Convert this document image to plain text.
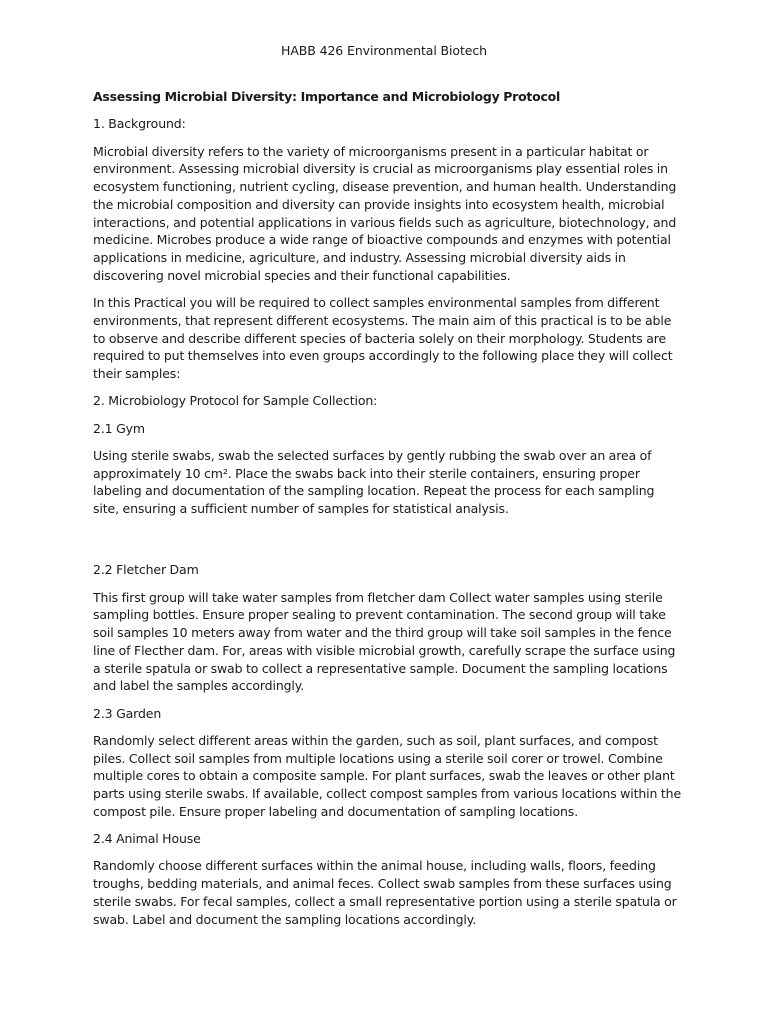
HABB 426 Environmental Biotech

Assessing Microbial Diversity: Importance and Microbiology Protocol

1. Background:

Microbial diversity refers to the variety of microorganisms present in a particular habitat or environment. Assessing microbial diversity is crucial as microorganisms play essential roles in ecosystem functioning, nutrient cycling, disease prevention, and human health. Understanding the microbial composition and diversity can provide insights into ecosystem health, microbial interactions, and potential applications in various fields such as agriculture, biotechnology, and medicine. Microbes produce a wide range of bioactive compounds and enzymes with potential applications in medicine, agriculture, and industry. Assessing microbial diversity aids in discovering novel microbial species and their functional capabilities.

In this Practical you will be required to collect samples environmental samples from different environments, that represent different ecosystems. The main aim of this practical is to be able to observe and describe different species of bacteria solely on their morphology. Students are required to put themselves into even groups accordingly to the following place they will collect their samples:

2. Microbiology Protocol for Sample Collection:

2.1 Gym

Using sterile swabs, swab the selected surfaces by gently rubbing the swab over an area of approximately 10 cm². Place the swabs back into their sterile containers, ensuring proper labeling and documentation of the sampling location. Repeat the process for each sampling site, ensuring a sufficient number of samples for statistical analysis.

2.2 Fletcher Dam

This first group will take water samples from fletcher dam Collect water samples using sterile sampling bottles. Ensure proper sealing to prevent contamination. The second group will take soil samples 10 meters away from water and the third group will take soil samples in the fence line of Flecther dam. For, areas with visible microbial growth, carefully scrape the surface using a sterile spatula or swab to collect a representative sample. Document the sampling locations and label the samples accordingly.

2.3 Garden

Randomly select different areas within the garden, such as soil, plant surfaces, and compost piles. Collect soil samples from multiple locations using a sterile soil corer or trowel. Combine multiple cores to obtain a composite sample. For plant surfaces, swab the leaves or other plant parts using sterile swabs. If available, collect compost samples from various locations within the compost pile. Ensure proper labeling and documentation of sampling locations.

2.4 Animal House

Randomly choose different surfaces within the animal house, including walls, floors, feeding troughs, bedding materials, and animal feces. Collect swab samples from these surfaces using sterile swabs. For fecal samples, collect a small representative portion using a sterile spatula or swab. Label and document the sampling locations accordingly.
